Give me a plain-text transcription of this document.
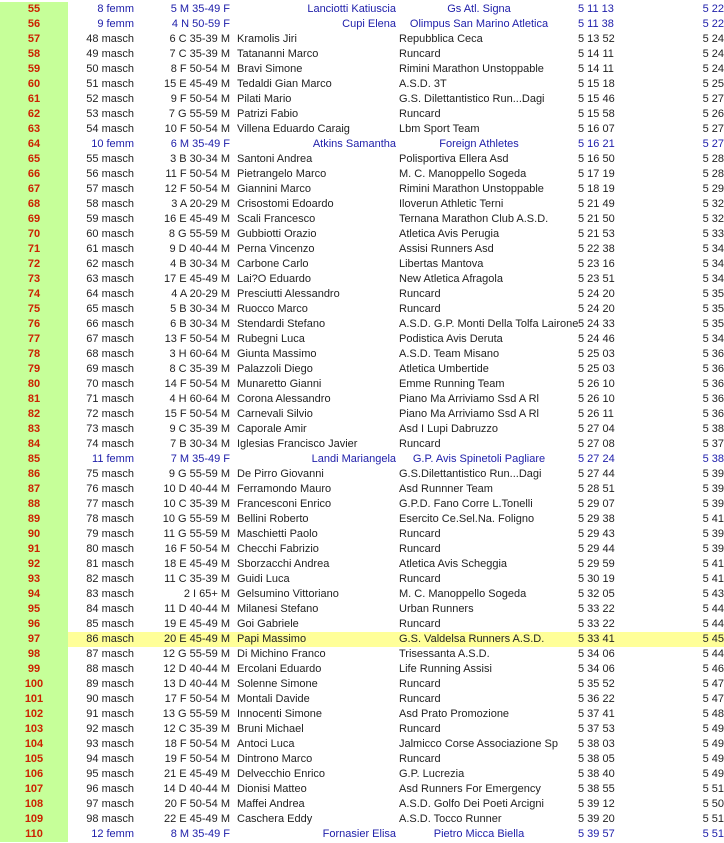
55	8 femm	5 M 35-49 F	Lanciotti Katiuscia	Gs Atl. Signa	5 11 13	5 22
56	9 femm	4 N 50-59 F	Cupi Elena	Olimpus San Marino Atletica	5 11 38	5 22
57	48 masch	6 C 35-39 M Kramolis Jiri	Repubblica Ceca	5 13 52	5 24
58	49 masch	7 C 35-39 M Tatananni Marco	Runcard	5 14 11	5 24
59	50 masch	8 F 50-54 M Bravi Simone	Rimini Marathon Unstoppable	5 14 11	5 24
60	51 masch	15 E 45-49 M Tedaldi Gian Marco	A.S.D. 3T	5 15 18	5 25
61	52 masch	9 F 50-54 M Pilati Mario	G.S. Dilettantistico Run...Dagi	5 15 46	5 27
62	53 masch	7 G 55-59 M Patrizi Fabio	Runcard	5 15 58	5 26
63	54 masch	10 F 50-54 M Villena Eduardo Caraig	Lbm Sport Team	5 16 07	5 27
64	10 femm	6 M 35-49 F	Atkins Samantha	Foreign Athletes	5 16 21	5 27
65	55 masch	3 B 30-34 M Santoni Andrea	Polisportiva Ellera Asd	5 16 50	5 28
66	56 masch	11 F 50-54 M Pietrangelo Marco	M. C. Manoppello Sogeda	5 17 19	5 28
67	57 masch	12 F 50-54 M Giannini Marco	Rimini Marathon Unstoppable	5 18 19	5 29
68	58 masch	3 A 20-29 M Crisostomi Edoardo	Iloverun Athletic Terni	5 21 49	5 32
69	59 masch	16 E 45-49 M Scali Francesco	Ternana Marathon Club A.S.D.	5 21 50	5 32
70	60 masch	8 G 55-59 M Gubbiotti Orazio	Atletica Avis Perugia	5 21 53	5 33
71	61 masch	9 D 40-44 M Perna Vincenzo	Assisi Runners Asd	5 22 38	5 34
72	62 masch	4 B 30-34 M Carbone Carlo	Libertas Mantova	5 23 16	5 34
73	63 masch	17 E 45-49 M Lai?O Eduardo	New Atletica Afragola	5 23 51	5 34
74	64 masch	4 A 20-29 M Presciutti Alessandro	Runcard	5 24 20	5 35
75	65 masch	5 B 30-34 M Ruocco Marco	Runcard	5 24 20	5 35
76	66 masch	6 B 30-34 M Stendardi Stefano	A.S.D. G.P. Monti Della Tolfa Lairone 5 24 33	5 35
77	67 masch	13 F 50-54 M Rubegni Luca	Podistica Avis Deruta	5 24 46	5 34
78	68 masch	3 H 60-64 M Giunta Massimo	A.S.D. Team Misano	5 25 03	5 36
79	69 masch	8 C 35-39 M Palazzoli Diego	Atletica Umbertide	5 25 03	5 36
80	70 masch	14 F 50-54 M Munaretto Gianni	Emme Running Team	5 26 10	5 36
81	71 masch	4 H 60-64 M Corona Alessandro	Piano Ma Arriviamo Ssd A Rl	5 26 10	5 36
82	72 masch	15 F 50-54 M Carnevali Silvio	Piano Ma Arriviamo Ssd A Rl	5 26 11	5 36
83	73 masch	9 C 35-39 M Caporale Amir	Asd I Lupi Dabruzzo	5 27 04	5 38
84	74 masch	7 B 30-34 M Iglesias Francisco Javier	Runcard	5 27 08	5 37
85	11 femm	7 M 35-49 F	Landi Mariangela	G.P. Avis Spinetoli Pagliare	5 27 24	5 38
86	75 masch	9 G 55-59 M De Pirro Giovanni	G.S.Dilettantistico Run...Dagi	5 27 44	5 39
87	76 masch	10 D 40-44 M Ferramondo Mauro	Asd Runnner Team	5 28 51	5 39
88	77 masch	10 C 35-39 M Francesconi Enrico	G.P.D. Fano Corre L.Tonelli	5 29 07	5 39
89	78 masch	10 G 55-59 M Bellini Roberto	Esercito Ce.Sel.Na. Foligno	5 29 38	5 41
90	79 masch	11 G 55-59 M Maschietti Paolo	Runcard	5 29 43	5 39
91	80 masch	16 F 50-54 M Checchi Fabrizio	Runcard	5 29 44	5 39
92	81 masch	18 E 45-49 M Sborzacchi Andrea	Atletica Avis Scheggia	5 29 59	5 41
93	82 masch	11 C 35-39 M Guidi Luca	Runcard	5 30 19	5 41
94	83 masch	2 I 65+ M Gelsumino Vittoriano	M. C. Manoppello Sogeda	5 32 05	5 43
95	84 masch	11 D 40-44 M Milanesi Stefano	Urban Runners	5 33 22	5 44
96	85 masch	19 E 45-49 M Goi Gabriele	Runcard	5 33 22	5 44
97	86 masch	20 E 45-49 M Papi Massimo	G.S. Valdelsa Runners A.S.D.	5 33 41	5 45
98	87 masch	12 G 55-59 M Di Michino Franco	Trisessanta A.S.D.	5 34 06	5 44
99	88 masch	12 D 40-44 M Ercolani Eduardo	Life Running Assisi	5 34 06	5 46
100	89 masch	13 D 40-44 M Solenne Simone	Runcard	5 35 52	5 47
101	90 masch	17 F 50-54 M Montali Davide	Runcard	5 36 22	5 47
102	91 masch	13 G 55-59 M Innocenti Simone	Asd Prato Promozione	5 37 41	5 48
103	92 masch	12 C 35-39 M Bruni Michael	Runcard	5 37 53	5 49
104	93 masch	18 F 50-54 M Antoci Luca	Jalmicco Corse Associazione Sp 5 38 03	5 49
105	94 masch	19 F 50-54 M Dintrono Marco	Runcard	5 38 05	5 49
106	95 masch	21 E 45-49 M Delvecchio Enrico	G.P. Lucrezia	5 38 40	5 49
107	96 masch	14 D 40-44 M Dionisi Matteo	Asd Runners For Emergency	5 38 55	5 51
108	97 masch	20 F 50-54 M Maffei Andrea	A.S.D. Golfo Dei Poeti Arcigni	5 39 12	5 50
109	98 masch	22 E 45-49 M Caschera Eddy	A.S.D. Tocco Runner	5 39 20	5 51
110	12 femm	8 M 35-49 F	Fornasier Elisa	Pietro Micca Biella	5 39 57	5 51
